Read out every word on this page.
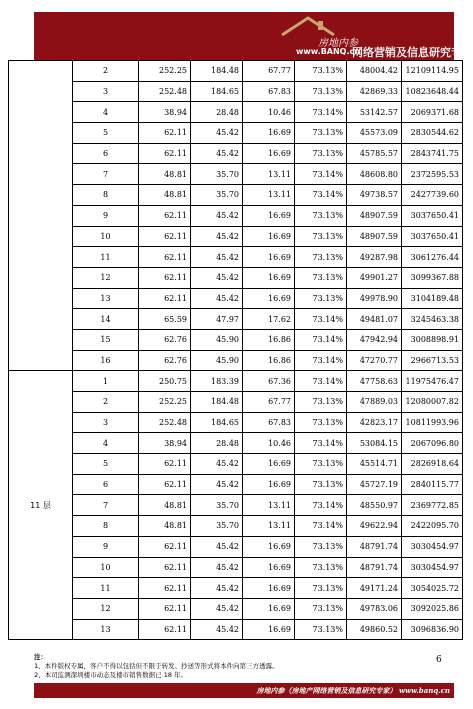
房地内参
www.BANQ.cn
网络营销及信息研究专家
	2	252.25	184.48	67.77	73.13%	48004.42	12109114.95
	3	252.48	184.65	67.83	73.13%	42869.33	10823648.44
	4	38.94	28.48	10.46	73.14%	53142.57	2069371.68
	5	62.11	45.42	16.69	73.13%	45573.09	2830544.62
	6	62.11	45.42	16.69	73.13%	45785.57	2843741.75
	7	48.81	35.70	13.11	73.14%	48608.80	2372595.53
	8	48.81	35.70	13.11	73.14%	49738.57	2427739.60
	9	62.11	45.42	16.69	73.13%	48907.59	3037650.41
	10	62.11	45.42	16.69	73.13%	48907.59	3037650.41
	11	62.11	45.42	16.69	73.13%	49287.98	3061276.44
	12	62.11	45.42	16.69	73.13%	49901.27	3099367.88
	13	62.11	45.42	16.69	73.13%	49978.90	3104189.48
	14	65.59	47.97	17.62	73.14%	49481.07	3245463.38
	15	62.76	45.90	16.86	73.14%	47942.94	3008898.91
	16	62.76	45.90	16.86	73.14%	47270.77	2966713.53
11 层	1	250.75	183.39	67.36	73.14%	47758.63	11975476.47
	2	252.25	184.48	67.77	73.13%	47889.03	12080007.82
	3	252.48	184.65	67.83	73.13%	42823.17	10811993.96
	4	38.94	28.48	10.46	73.14%	53084.15	2067096.80
	5	62.11	45.42	16.69	73.13%	45514.71	2826918.64
	6	62.11	45.42	16.69	73.13%	45727.19	2840115.77
	7	48.81	35.70	13.11	73.14%	48550.97	2369772.85
	8	48.81	35.70	13.11	73.14%	49622.94	2422095.70
	9	62.11	45.42	16.69	73.13%	48791.74	3030454.97
	10	62.11	45.42	16.69	73.13%	48791.74	3030454.97
	11	62.11	45.42	16.69	73.13%	49171.24	3054025.72
	12	62.11	45.42	16.69	73.13%	49783.06	3092025.86
	13	62.11	45.42	16.69	73.13%	49860.52	3096836.90
注：
1、本件版权专属，客户不得以包括但不限于转发、抄送等形式将本件向第三方透露。
2、本司监测深圳楼市动态及楼市销售数据已 18 年。
6
房地内参（房地产网络营销及信息研究专家） www.banq.cn
